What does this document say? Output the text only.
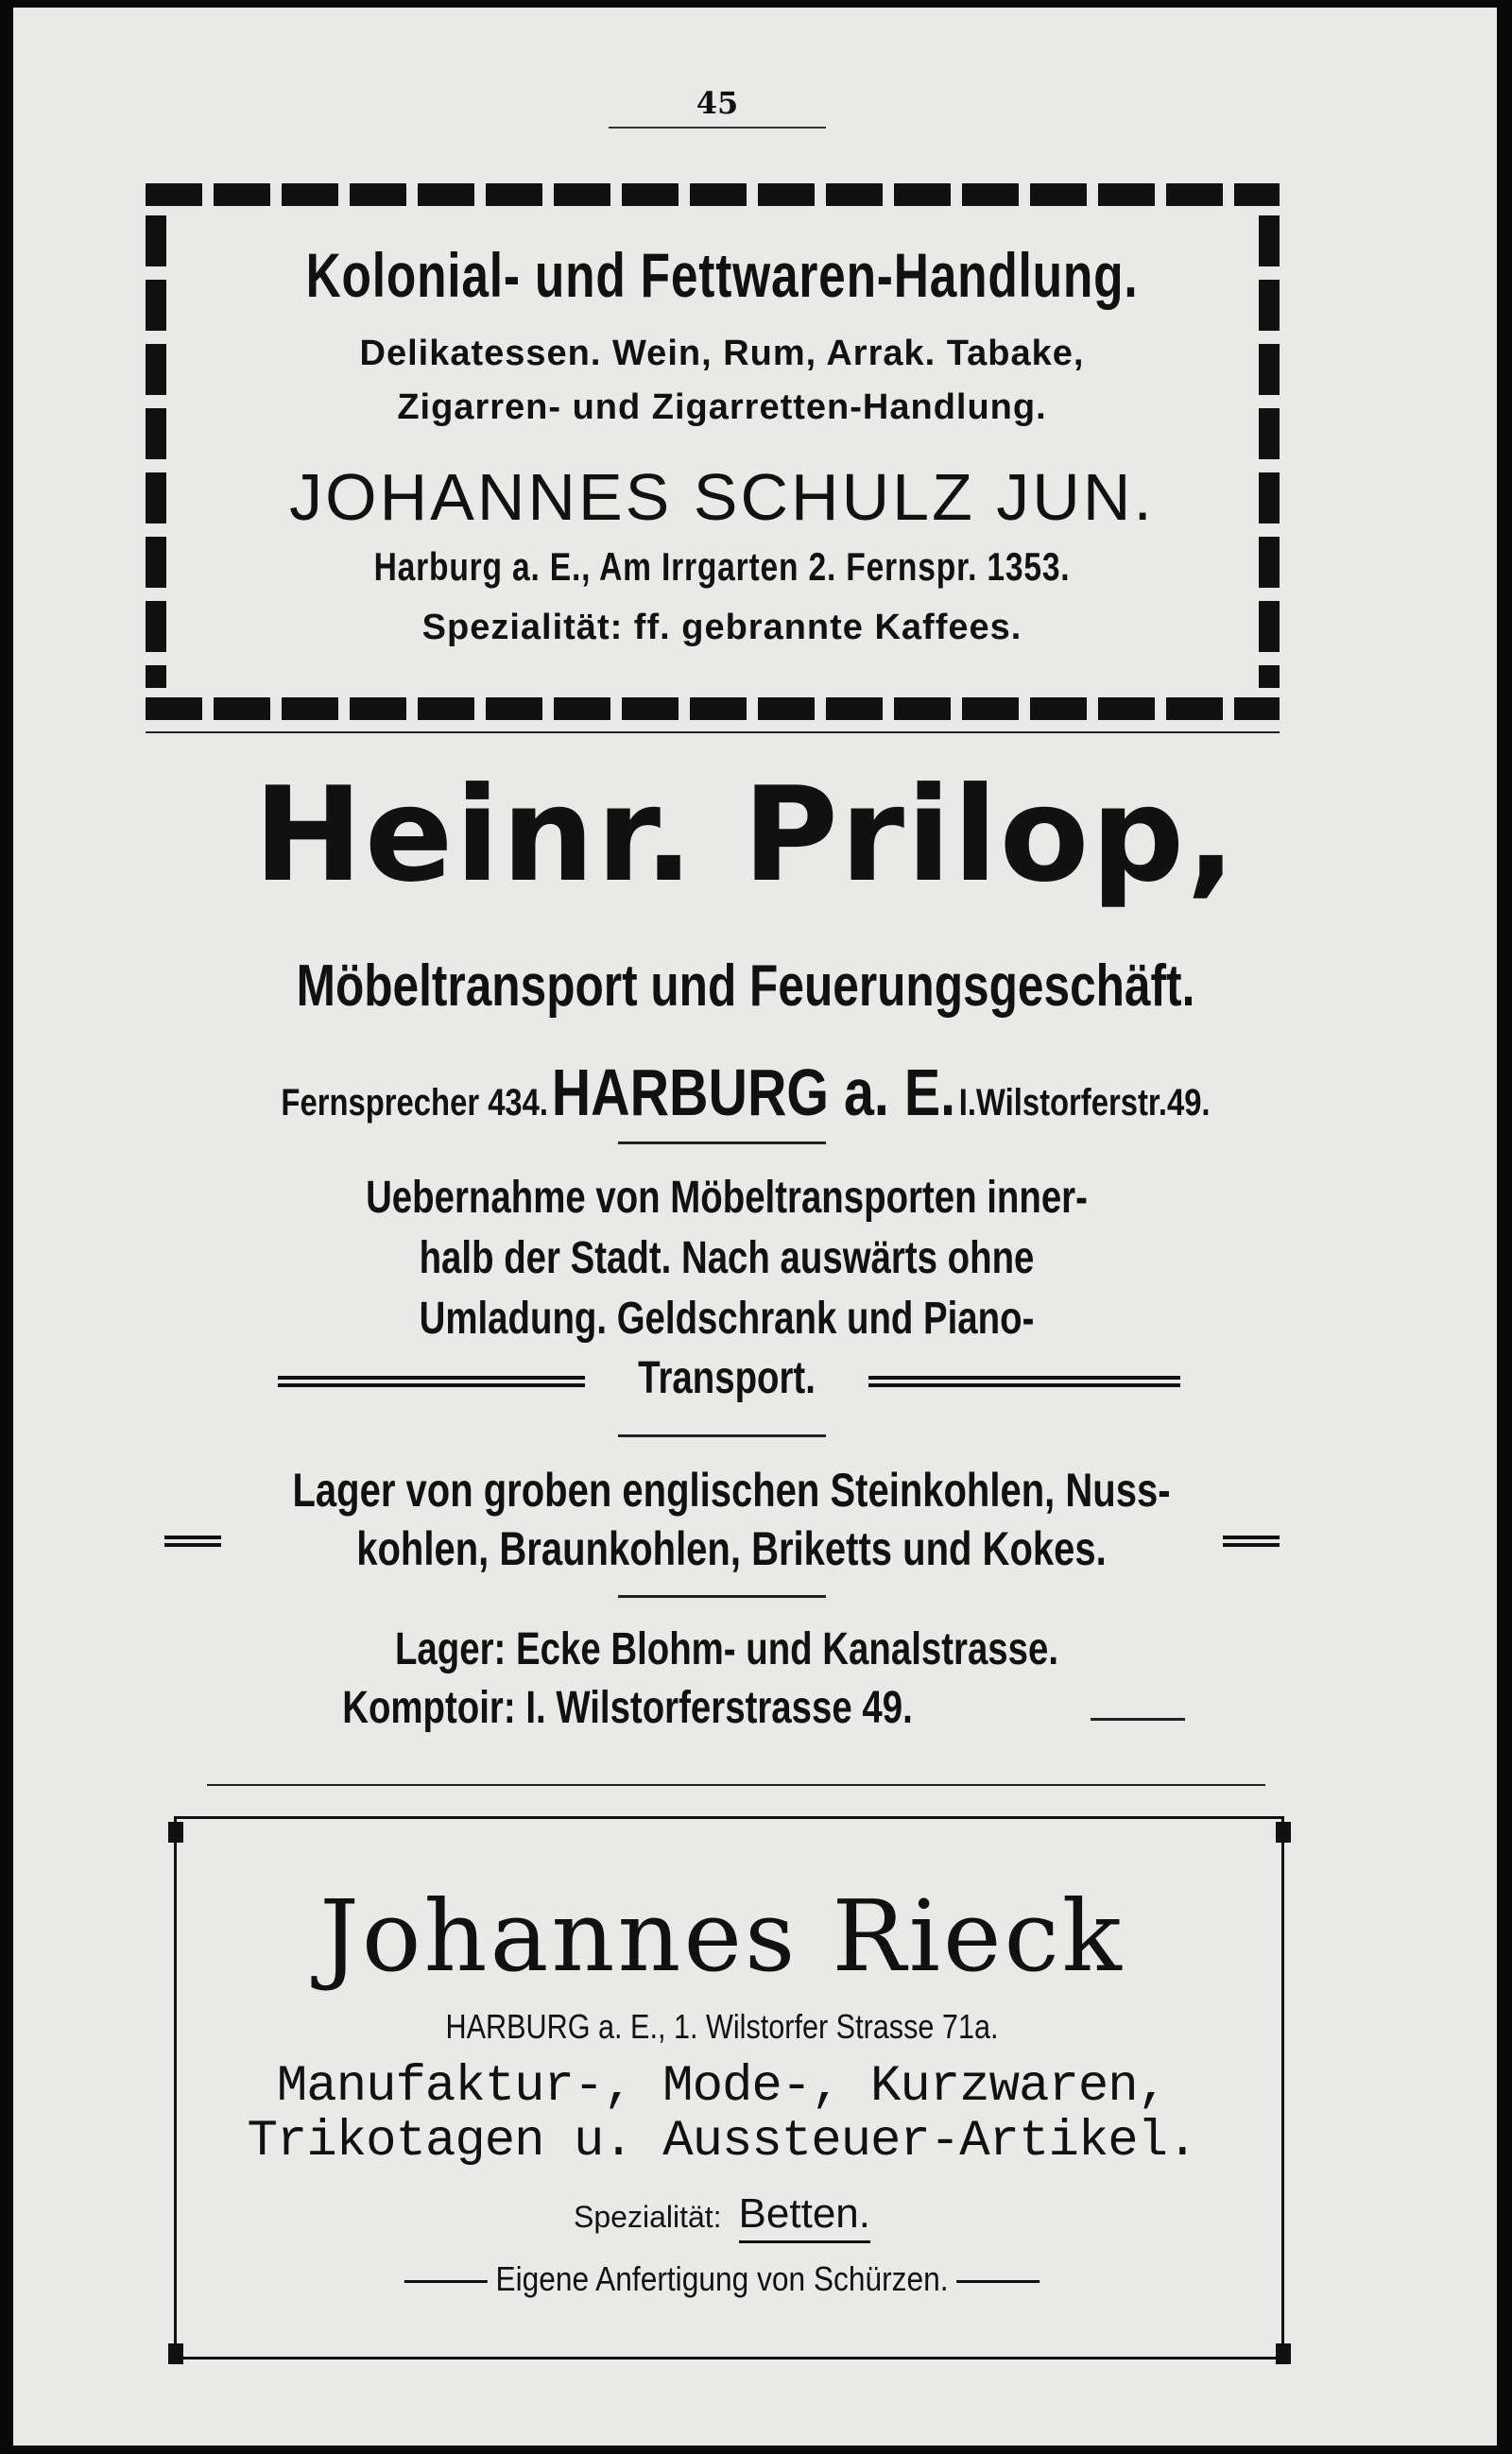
45
Kolonial- und Fettwaren-Handlung.
Delikatessen. Wein, Rum, Arrak. Tabake,
Zigarren- und Zigarretten-Handlung.
JOHANNES SCHULZ JUN.
Harburg a. E., Am Irrgarten 2. Fernspr. 1353.
Spezialität: ff. gebrannte Kaffees.
Heinr. Prilop,
Möbeltransport und Feuerungsgeschäft.
Fernsprecher 434. HARBURG a. E. I.Wilstorferstr.49.
Uebernahme von Möbeltransporten inner-
halb der Stadt. Nach auswärts ohne
Umladung. Geldschrank und Piano-
Transport.
Lager von groben englischen Steinkohlen, Nuss-
kohlen, Braunkohlen, Briketts und Kokes.
Lager: Ecke Blohm- und Kanalstrasse.
Komptoir: I. Wilstorferstrasse 49.
Johannes Rieck
HARBURG a. E., 1. Wilstorfer Strasse 71a.
Manufaktur-, Mode-, Kurzwaren,
Trikotagen u. Aussteuer-Artikel.
Spezialität: Betten.
Eigene Anfertigung von Schürzen.
